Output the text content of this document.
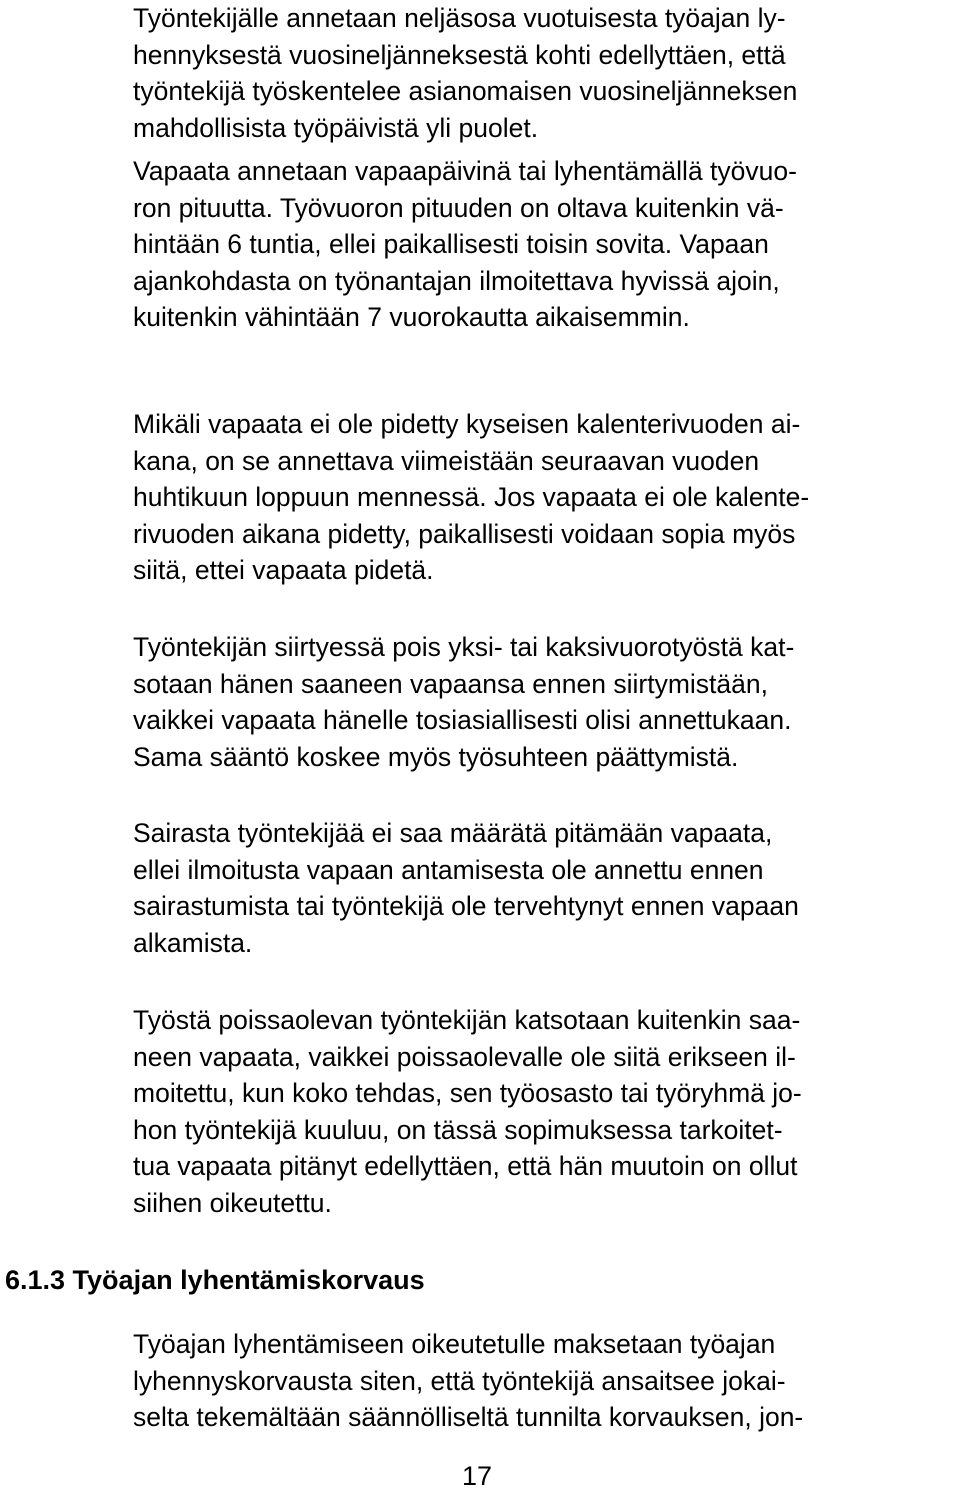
Työntekijälle annetaan neljäsosa vuotuisesta työajan ly-
hennyksestä vuosineljänneksestä kohti edellyttäen, että
työntekijä työskentelee asianomaisen vuosineljänneksen
mahdollisista työpäivistä yli puolet.

Vapaata annetaan vapaapäivinä tai lyhentämällä työvuo-
ron pituutta. Työvuoron pituuden on oltava kuitenkin vä-
hintään 6 tuntia, ellei paikallisesti toisin sovita. Vapaan
ajankohdasta on työnantajan ilmoitettava hyvissä ajoin,
kuitenkin vähintään 7 vuorokautta aikaisemmin.

Mikäli vapaata ei ole pidetty kyseisen kalenterivuoden ai-
kana, on se annettava viimeistään seuraavan vuoden
huhtikuun loppuun mennessä. Jos vapaata ei ole kalente-
rivuoden aikana pidetty, paikallisesti voidaan sopia myös
siitä, ettei vapaata pidetä.

Työntekijän siirtyessä pois yksi- tai kaksivuorotyöstä kat-
sotaan hänen saaneen vapaansa ennen siirtymistään,
vaikkei vapaata hänelle tosiasiallisesti olisi annettukaan.
Sama sääntö koskee myös työsuhteen päättymistä.

Sairasta työntekijää ei saa määrätä pitämään vapaata,
ellei ilmoitusta vapaan antamisesta ole annettu ennen
sairastumista tai työntekijä ole tervehtynyt ennen vapaan
alkamista.

Työstä poissaolevan työntekijän katsotaan kuitenkin saa-
neen vapaata, vaikkei poissaolevalle ole siitä erikseen il-
moitettu, kun koko tehdas, sen työosasto tai työryhmä jo-
hon työntekijä kuuluu, on tässä sopimuksessa tarkoitet-
tua vapaata pitänyt edellyttäen, että hän muutoin on ollut
siihen oikeutettu.

6.1.3 Työajan lyhentämiskorvaus

Työajan lyhentämiseen oikeutetulle maksetaan työajan
lyhennyskorvausta siten, että työntekijä ansaitsee jokai-
selta tekemältään säännölliseltä tunnilta korvauksen, jon-

17
